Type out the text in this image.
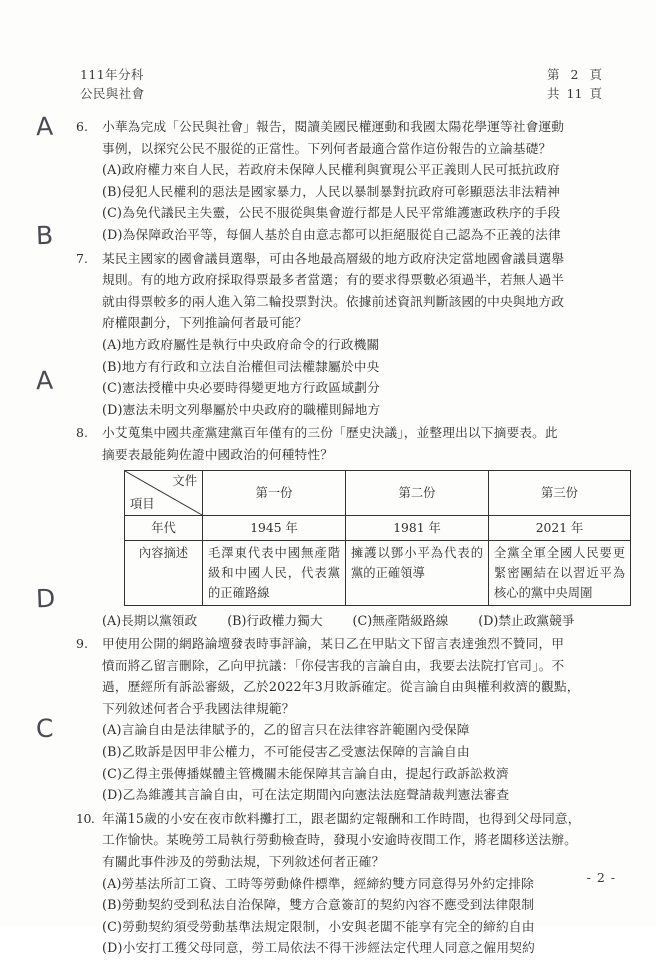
111年分科
公民與社會
第 2 頁
共 11 頁
A
B
A
D
C
6.	小華為完成「公民與社會」報告，閱讀美國民權運動和我國太陽花學運等社會運動
事例，以探究公民不服從的正當性。下列何者最適合當作這份報告的立論基礎？
(A)政府權力來自人民，若政府未保障人民權利與實現公平正義則人民可抵抗政府
(B)侵犯人民權利的惡法是國家暴力，人民以暴制暴對抗政府可彰顯惡法非法精神
(C)為免代議民主失靈，公民不服從與集會遊行都是人民平常維護憲政秩序的手段
(D)為保障政治平等，每個人基於自由意志都可以拒絕服從自己認為不正義的法律
7.	某民主國家的國會議員選舉，可由各地最高層級的地方政府決定當地國會議員選舉
規則。有的地方政府採取得票最多者當選；有的要求得票數必須過半，若無人過半
就由得票較多的兩人進入第二輪投票對決。依據前述資訊判斷該國的中央與地方政
府權限劃分，下列推論何者最可能？
(A)地方政府屬性是執行中央政府命令的行政機關
(B)地方有行政和立法自治權但司法權隸屬於中央
(C)憲法授權中央必要時得變更地方行政區域劃分
(D)憲法未明文列舉屬於中央政府的職權則歸地方
8.	小艾蒐集中國共產黨建黨百年僅有的三份「歷史決議」，並整理出以下摘要表。此
摘要表最能夠佐證中國政治的何種特性？
文件
項目	第一份	第二份	第三份
年代	1945 年	1981 年	2021 年
內容摘述	毛澤東代表中國無產階級和中國人民，代表黨的正確路線	擁護以鄧小平為代表的黨的正確領導	全黨全軍全國人民要更緊密團結在以習近平為核心的黨中央周圍
(A)長期以黨領政 (B)行政權力獨大 (C)無產階級路線 (D)禁止政黨競爭
9.	甲使用公開的網路論壇發表時事評論，某日乙在甲貼文下留言表達強烈不贊同，甲
憤而將乙留言刪除，乙向甲抗議：「你侵害我的言論自由，我要去法院打官司」。不
過，歷經所有訴訟審級，乙於2022年3月敗訴確定。從言論自由與權利救濟的觀點，
下列敘述何者合乎我國法律規範？
(A)言論自由是法律賦予的，乙的留言只在法律容許範圍內受保障
(B)乙敗訴是因甲非公權力，不可能侵害乙受憲法保障的言論自由
(C)乙得主張傳播媒體主管機關未能保障其言論自由，提起行政訴訟救濟
(D)乙為維護其言論自由，可在法定期間內向憲法法庭聲請裁判憲法審查
10. 年滿15歲的小安在夜市飲料攤打工，跟老闆約定報酬和工作時間，也得到父母同意，
工作愉快。某晚勞工局執行勞動檢查時，發現小安逾時夜間工作，將老闆移送法辦。
有關此事件涉及的勞動法規，下列敘述何者正確？
(A)勞基法所訂工資、工時等勞動條件標準，經締約雙方同意得另外約定排除
(B)勞動契約受到私法自治保障，雙方合意簽訂的契約內容不應受到法律限制
(C)勞動契約須受勞動基準法規定限制，小安與老闆不能享有完全的締約自由
(D)小安打工獲父母同意，勞工局依法不得干涉經法定代理人同意之僱用契約
- 2 -
